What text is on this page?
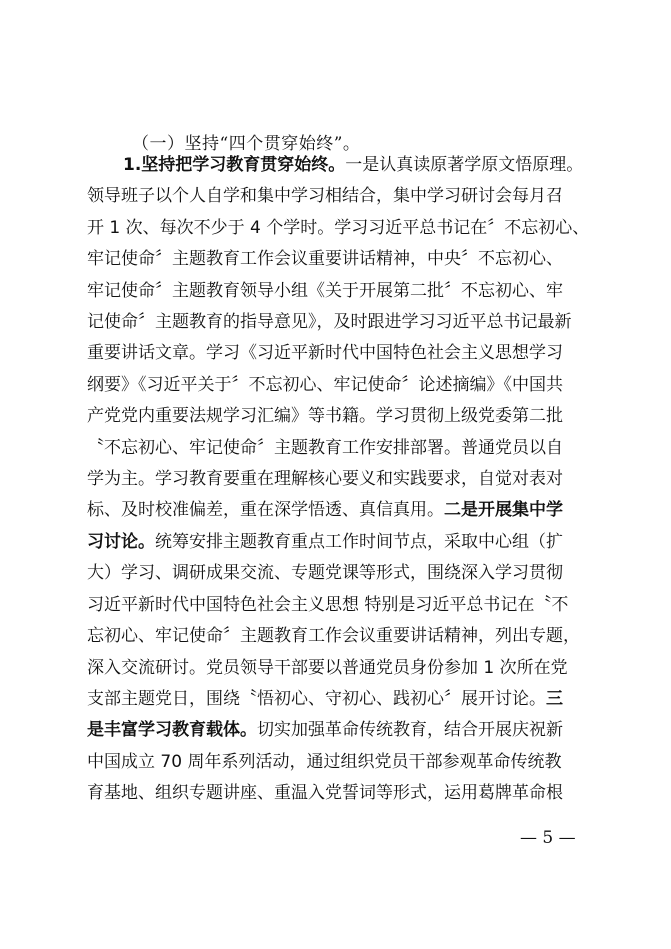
（一）坚持“四个贯穿始终”。
1.坚持把学习教育贯穿始终。一是认真读原著学原文悟原理。
领导班子以个人自学和集中学习相结合，集中学习研讨会每月召
开 1 次、每次不少于 4 个学时。学习习近平总书记在〞不忘初心、
牢记使命〞主题教育工作会议重要讲话精神，中央〞不忘初心、
牢记使命〞主题教育领导小组《关于开展第二批〞不忘初心、牢
记使命〞主题教育的指导意见》，及时跟进学习习近平总书记最新
重要讲话文章。学习《习近平新时代中国特色社会主义思想学习
纲要》《习近平关于〞不忘初心、牢记使命〞论述摘编》《中国共
产党党内重要法规学习汇编》等书籍。学习贯彻上级党委第二批
〝不忘初心、牢记使命〞主题教育工作安排部署。普通党员以自
学为主。学习教育要重在理解核心要义和实践要求，自觉对表对
标、及时校准偏差，重在深学悟透、真信真用。二是开展集中学
习讨论。统筹安排主题教育重点工作时间节点，采取中心组（扩
大）学习、调研成果交流、专题党课等形式，围绕深入学习贯彻
习近平新时代中国特色社会主义思想 特别是习近平总书记在〝不
忘初心、牢记使命〞主题教育工作会议重要讲话精神，列出专题，
深入交流研讨。党员领导干部要以普通党员身份参加 1 次所在党
支部主题党日，围绕〝悟初心、守初心、践初心〞展开讨论。三
是丰富学习教育载体。切实加强革命传统教育，结合开展庆祝新
中国成立 70 周年系列活动，通过组织党员干部参观革命传统教
育基地、组织专题讲座、重温入党誓词等形式，运用葛牌革命根
— 5 —
